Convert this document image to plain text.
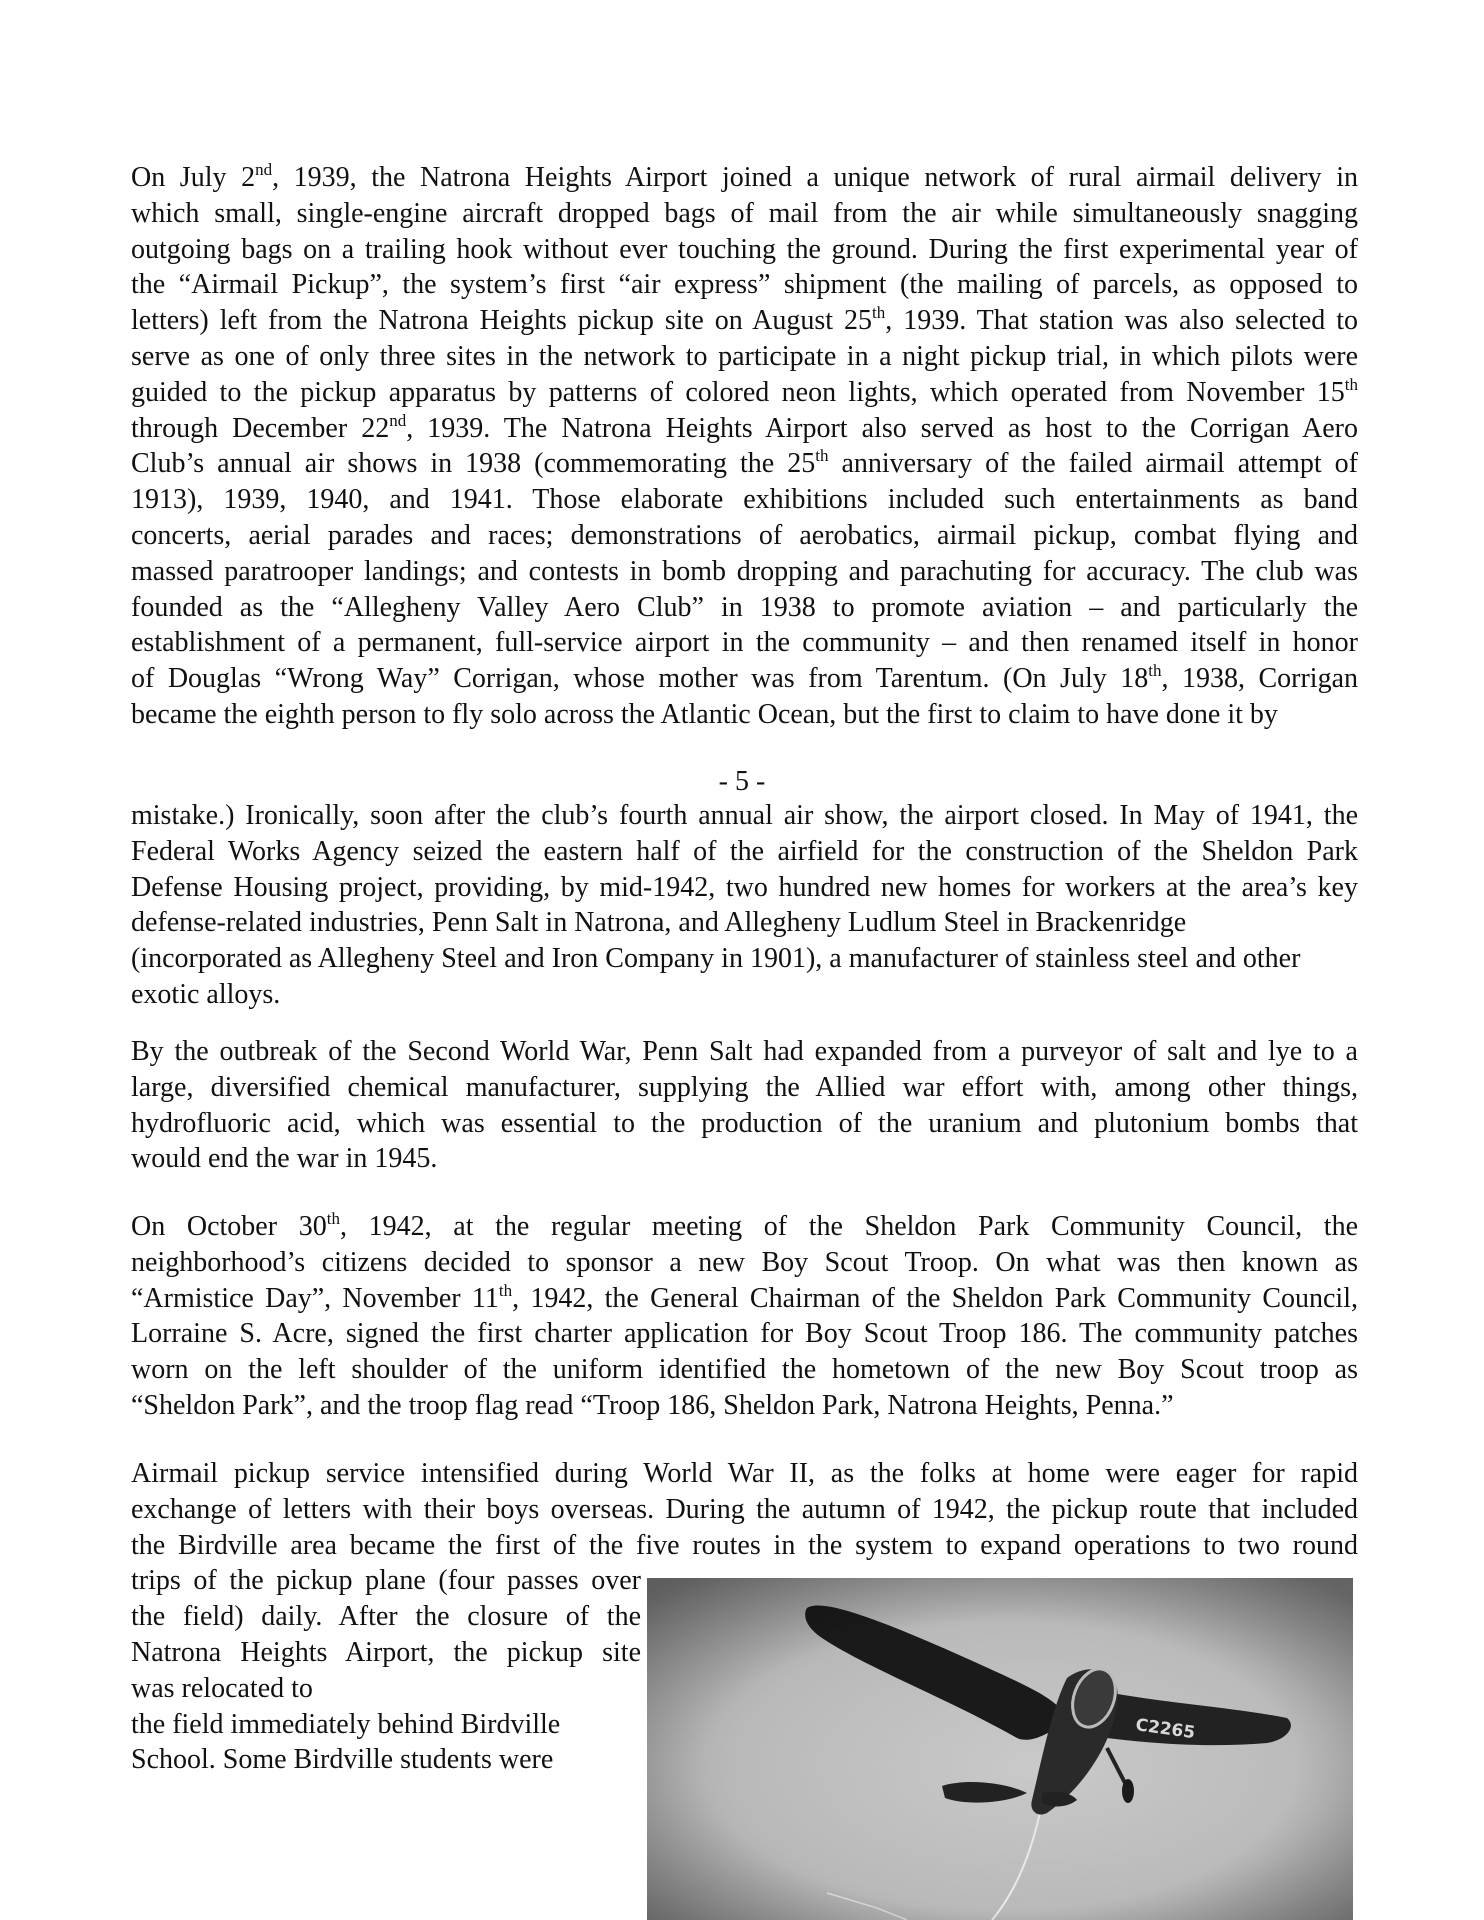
On July 2nd, 1939, the Natrona Heights Airport joined a unique network of rural airmail delivery in
which small, single-engine aircraft dropped bags of mail from the air while simultaneously snagging
outgoing bags on a trailing hook without ever touching the ground. During the first experimental year of
the “Airmail Pickup”, the system’s first “air express” shipment (the mailing of parcels, as opposed to
letters) left from the Natrona Heights pickup site on August 25th, 1939. That station was also selected to
serve as one of only three sites in the network to participate in a night pickup trial, in which pilots were
guided to the pickup apparatus by patterns of colored neon lights, which operated from November 15th
through December 22nd, 1939. The Natrona Heights Airport also served as host to the Corrigan Aero
Club’s annual air shows in 1938 (commemorating the 25th anniversary of the failed airmail attempt of
1913), 1939, 1940, and 1941. Those elaborate exhibitions included such entertainments as band
concerts, aerial parades and races; demonstrations of aerobatics, airmail pickup, combat flying and
massed paratrooper landings; and contests in bomb dropping and parachuting for accuracy. The club was
founded as the “Allegheny Valley Aero Club” in 1938 to promote aviation – and particularly the
establishment of a permanent, full-service airport in the community – and then renamed itself in honor
of Douglas “Wrong Way” Corrigan, whose mother was from Tarentum. (On July 18th, 1938, Corrigan
became the eighth person to fly solo across the Atlantic Ocean, but the first to claim to have done it by
- 5 -
mistake.) Ironically, soon after the club’s fourth annual air show, the airport closed. In May of 1941, the
Federal Works Agency seized the eastern half of the airfield for the construction of the Sheldon Park
Defense Housing project, providing, by mid-1942, two hundred new homes for workers at the area’s key
defense-related industries, Penn Salt in Natrona, and Allegheny Ludlum Steel in Brackenridge
(incorporated as Allegheny Steel and Iron Company in 1901), a manufacturer of stainless steel and other
exotic alloys.
By the outbreak of the Second World War, Penn Salt had expanded from a purveyor of salt and lye to a
large, diversified chemical manufacturer, supplying the Allied war effort with, among other things,
hydrofluoric acid, which was essential to the production of the uranium and plutonium bombs that
would end the war in 1945.
On October 30th, 1942, at the regular meeting of the Sheldon Park Community Council, the
neighborhood’s citizens decided to sponsor a new Boy Scout Troop. On what was then known as
“Armistice Day”, November 11th, 1942, the General Chairman of the Sheldon Park Community Council,
Lorraine S. Acre, signed the first charter application for Boy Scout Troop 186. The community patches
worn on the left shoulder of the uniform identified the hometown of the new Boy Scout troop as
“Sheldon Park”, and the troop flag read “Troop 186, Sheldon Park, Natrona Heights, Penna.”
Airmail pickup service intensified during World War II, as the folks at home were eager for rapid
exchange of letters with their boys overseas. During the autumn of 1942, the pickup route that included
the Birdville area became the first of the five routes in the system to expand operations to two round
trips of the pickup plane (four passes over
the field) daily. After the closure of the
Natrona Heights Airport, the pickup site
was relocated to
the field immediately behind Birdville
School. Some Birdville students were
